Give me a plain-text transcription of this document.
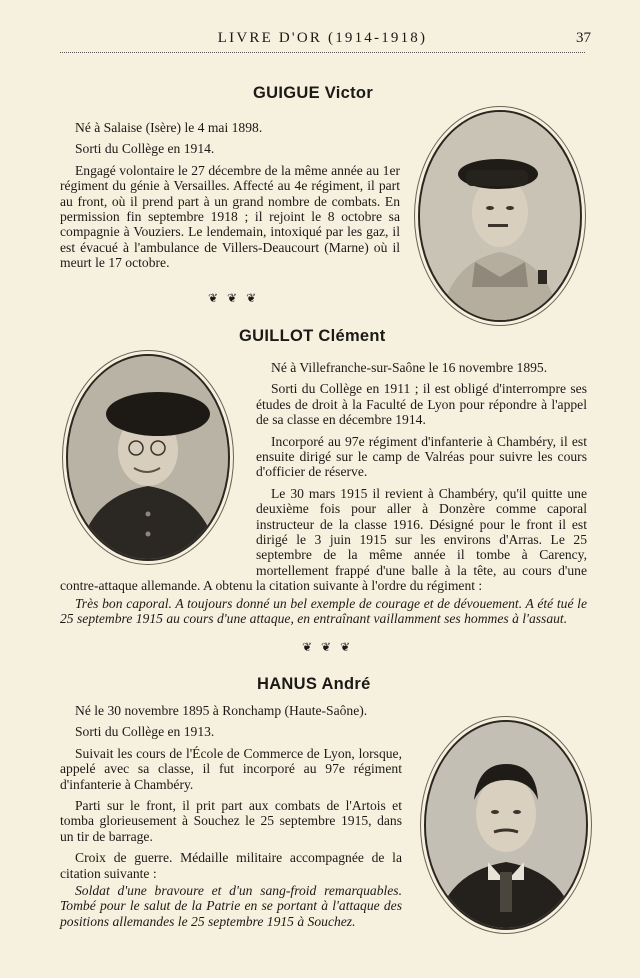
LIVRE D'OR (1914-1918)	37
GUIGUE Victor

Né à Salaise (Isère) le 4 mai 1898.

Sorti du Collège en 1914.

Engagé volontaire le 27 décembre de la même année au 1er régiment du génie à Versailles. Affecté au 4e régiment, il part au front, où il prend part à un grand nombre de combats. En permission fin septembre 1918 ; il rejoint le 8 octobre sa compagnie à Vouziers. Le lendemain, intoxiqué par les gaz, il est évacué à l'ambulance de Villers-Deaucourt (Marne) où il meurt le 17 octobre.

❦ ❦ ❦
GUILLOT Clément

Né à Villefranche-sur-Saône le 16 novembre 1895.

Sorti du Collège en 1911 ; il est obligé d'interrompre ses études de droit à la Faculté de Lyon pour répondre à l'appel de sa classe en décembre 1914.

Incorporé au 97e régiment d'infanterie à Chambéry, il est ensuite dirigé sur le camp de Valréas pour suivre les cours d'officier de réserve.

Le 30 mars 1915 il revient à Chambéry, qu'il quitte une deuxième fois pour aller à Donzère comme caporal instructeur de la classe 1916. Désigné pour le front il est dirigé le 3 juin 1915 sur les environs d'Arras. Le 25 septembre de la même année il tombe à Carency, mortellement frappé d'une balle à la tête, au cours d'une contre-attaque allemande. A obtenu la citation suivante à l'ordre du régiment :

Très bon caporal. A toujours donné un bel exemple de courage et de dévouement. A été tué le 25 septembre 1915 au cours d'une attaque, en entraînant vaillamment ses hommes à l'assaut.

❦ ❦ ❦
HANUS André

Né le 30 novembre 1895 à Ronchamp (Haute-Saône).

Sorti du Collège en 1913.

Suivait les cours de l'École de Commerce de Lyon, lorsque, appelé avec sa classe, il fut incorporé au 97e régiment d'infanterie à Chambéry.

Parti sur le front, il prit part aux combats de l'Artois et tomba glorieusement à Souchez le 25 septembre 1915, dans un tir de barrage.

Croix de guerre. Médaille militaire accompagnée de la citation suivante :

Soldat d'une bravoure et d'un sang-froid remarquables. Tombé pour le salut de la Patrie en se portant à l'attaque des positions allemandes le 25 septembre 1915 à Souchez.
